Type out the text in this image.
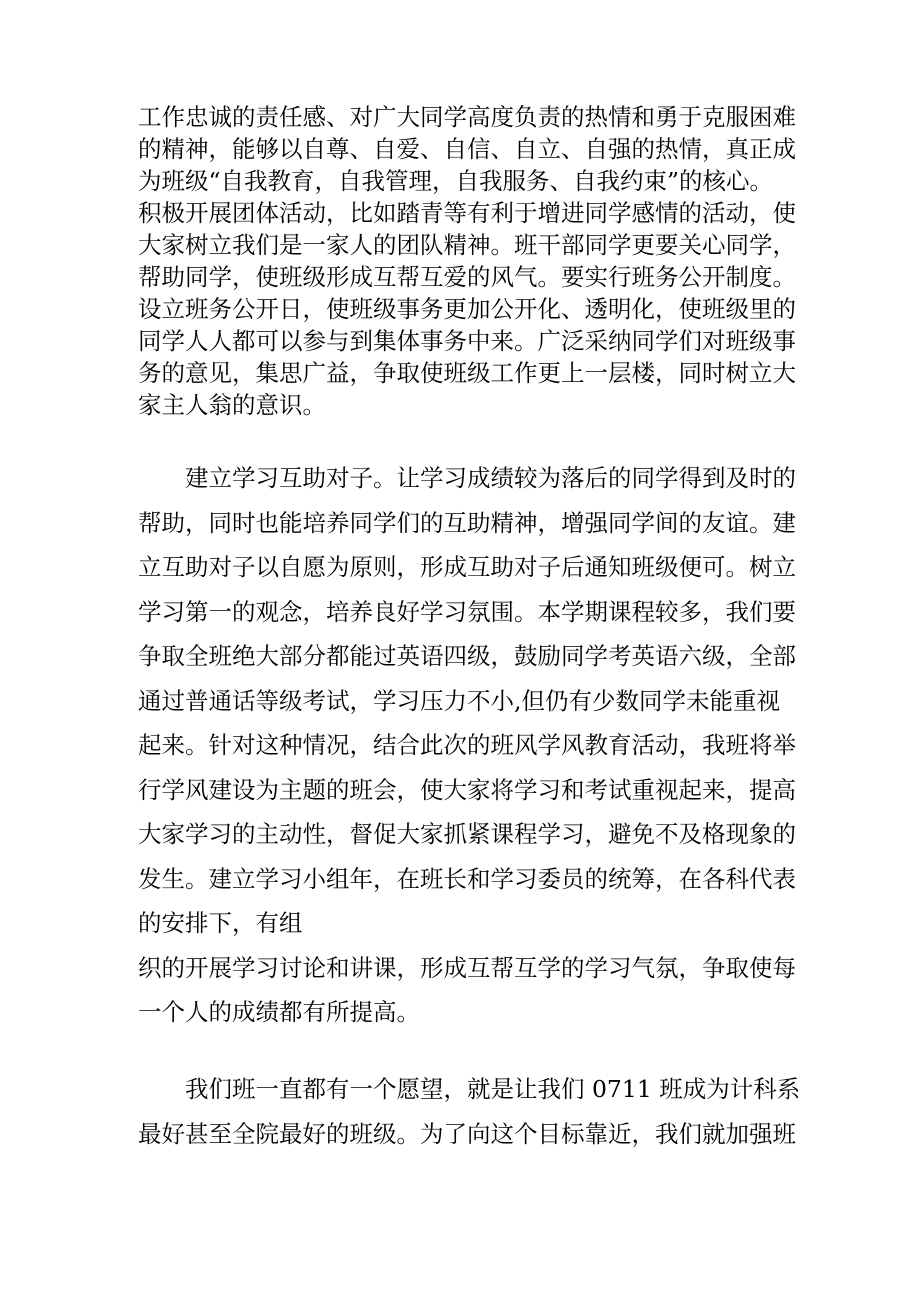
工作忠诚的责任感、对广大同学高度负责的热情和勇于克服困难
的精神，能够以自尊、自爱、自信、自立、自强的热情，真正成
为班级“自我教育，自我管理，自我服务、自我约束”的核心。
积极开展团体活动，比如踏青等有利于增进同学感情的活动，使
大家树立我们是一家人的团队精神。班干部同学更要关心同学，
帮助同学，使班级形成互帮互爱的风气。要实行班务公开制度。
设立班务公开日，使班级事务更加公开化、透明化，使班级里的
同学人人都可以参与到集体事务中来。广泛采纳同学们对班级事
务的意见，集思广益，争取使班级工作更上一层楼，同时树立大
家主人翁的意识。
　　建立学习互助对子。让学习成绩较为落后的同学得到及时的
帮助，同时也能培养同学们的互助精神，增强同学间的友谊。建
立互助对子以自愿为原则，形成互助对子后通知班级便可。树立
学习第一的观念，培养良好学习氛围。本学期课程较多，我们要
争取全班绝大部分都能过英语四级，鼓励同学考英语六级，全部
通过普通话等级考试，学习压力不小,但仍有少数同学未能重视
起来。针对这种情况，结合此次的班风学风教育活动，我班将举
行学风建设为主题的班会，使大家将学习和考试重视起来，提高
大家学习的主动性，督促大家抓紧课程学习，避免不及格现象的
发生。建立学习小组年，在班长和学习委员的统筹，在各科代表
的安排下，有组
织的开展学习讨论和讲课，形成互帮互学的学习气氛，争取使每
一个人的成绩都有所提高。
　　我们班一直都有一个愿望，就是让我们 0711 班成为计科系
最好甚至全院最好的班级。为了向这个目标靠近，我们就加强班
